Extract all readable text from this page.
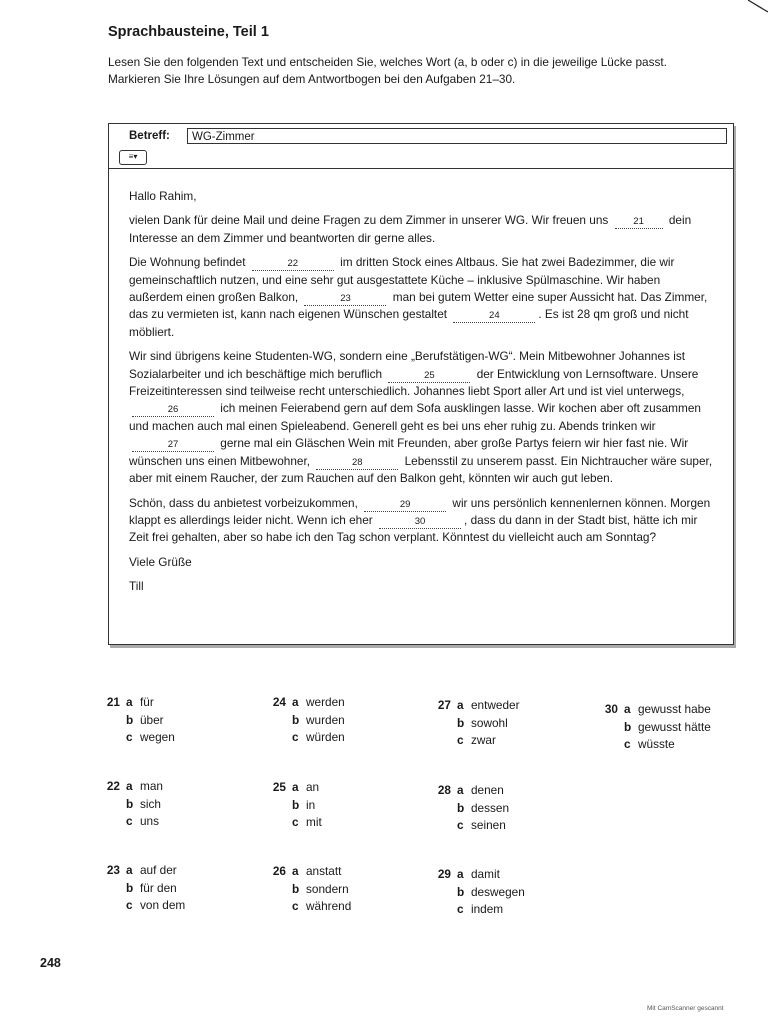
Sprachbausteine, Teil 1

Lesen Sie den folgenden Text und entscheiden Sie, welches Wort (a, b oder c) in die jeweilige Lücke passt.

Markieren Sie Ihre Lösungen auf dem Antwortbogen bei den Aufgaben 21–30.

Betreff:	WG-Zimmer
≡▾

Hallo Rahim,

vielen Dank für deine Mail und deine Fragen zu dem Zimmer in unserer WG. Wir freuen uns	21 dein Interesse an dem Zimmer und beantworten dir gerne alles.

Die Wohnung befindet	22	im dritten Stock eines Altbaus. Sie hat zwei Badezimmer, die wir gemeinschaftlich nutzen, und eine sehr gut ausgestattete Küche – inklusive Spülmaschine. Wir haben außerdem einen großen Balkon,	23	man bei gutem Wetter eine super Aussicht hat. Das Zimmer, das zu vermieten ist, kann nach eigenen Wünschen gestaltet	24	. Es ist 28 qm groß und nicht möbliert.

Wir sind übrigens keine Studenten-WG, sondern eine „Berufstätigen-WG“. Mein Mitbewohner Johannes ist Sozialarbeiter und ich beschäftige mich beruflich	25	der Entwicklung von Lernsoftware. Unsere Freizeitinteressen sind teilweise recht unterschiedlich. Johannes liebt Sport aller Art und ist viel unterwegs, 26	ich meinen Feierabend gern auf dem Sofa ausklingen lasse. Wir kochen aber oft zusammen und machen auch mal einen Spieleabend. Generell geht es bei uns eher ruhig zu. Abends trinken wir 27	gerne mal ein Gläschen Wein mit Freunden, aber große Partys feiern wir hier fast nie. Wir wünschen uns einen Mitbewohner,	28	Lebensstil zu unserem passt. Ein Nichtraucher wäre super, aber mit einem Raucher, der zum Rauchen auf den Balkon geht, könnten wir auch gut leben.

Schön, dass du anbietest vorbeizukommen,	29	wir uns persönlich kennenlernen können. Morgen klappt es allerdings leider nicht. Wenn ich eher	30	, dass du dann in der Stadt bist, hätte ich mir Zeit frei gehalten, aber so habe ich den Tag schon verplant. Könntest du vielleicht auch am Sonntag?

Viele Grüße

Till

21 a für
b über
c wegen
24 a werden
b wurden
c würden
27 a entweder
b sowohl
c zwar
30 a gewusst habe
b gewusst hätte
c wüsste
22 a man
b sich
c uns
25 a an
b in
c mit
28 a denen
b dessen
c seinen
23 a auf der
b für den
c von dem
26 a anstatt
b sondern
c während
29 a damit
b deswegen
c indem
248
Mit CamScanner gescannt
